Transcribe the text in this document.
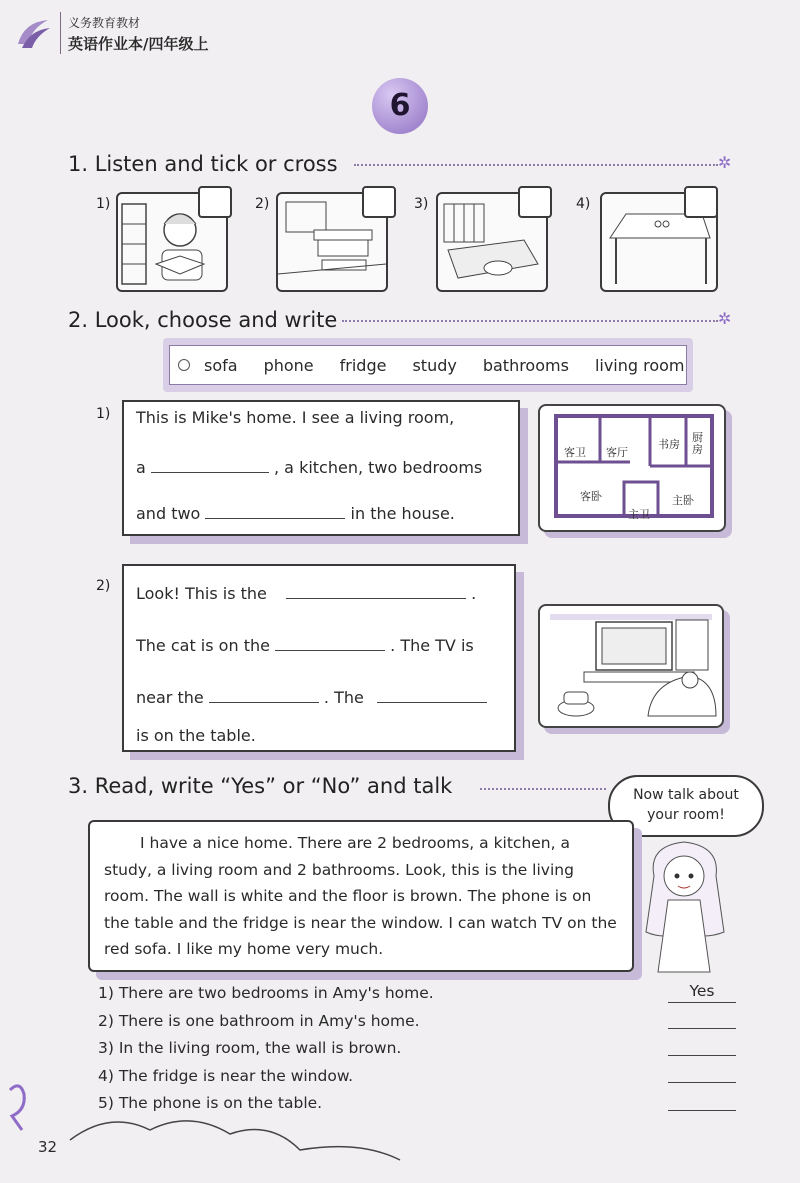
义务教育教材
英语作业本/四年级上
6
1. Listen and tick or cross	✲
1)	2)	3)	4)
2. Look, choose and write	✲
sofa phone fridge study bathrooms living room
1) This is Mike's home. I see a living room,
a	, a kitchen, two bedrooms
and two	in the house.
客卫 客厅
书房
厨房
客卧
主卫
主卧
2) Look! This is the	.
The cat is on the	. The TV is
near the	. The
is on the table.
3. Read, write “Yes” or “No” and talk	Now talk about
your room!

I have a nice home. There are 2 bedrooms, a kitchen, a study, a living room and 2 bathrooms. Look, this is the living room. The wall is white and the floor is brown. The phone is on the table and the fridge is near the window. I can watch TV on the red sofa. I like my home very much.

1) There are two bedrooms in Amy's home.	Yes
2) There is one bathroom in Amy's home.
3) In the living room, the wall is brown.
4) The fridge is near the window.
5) The phone is on the table.
32
